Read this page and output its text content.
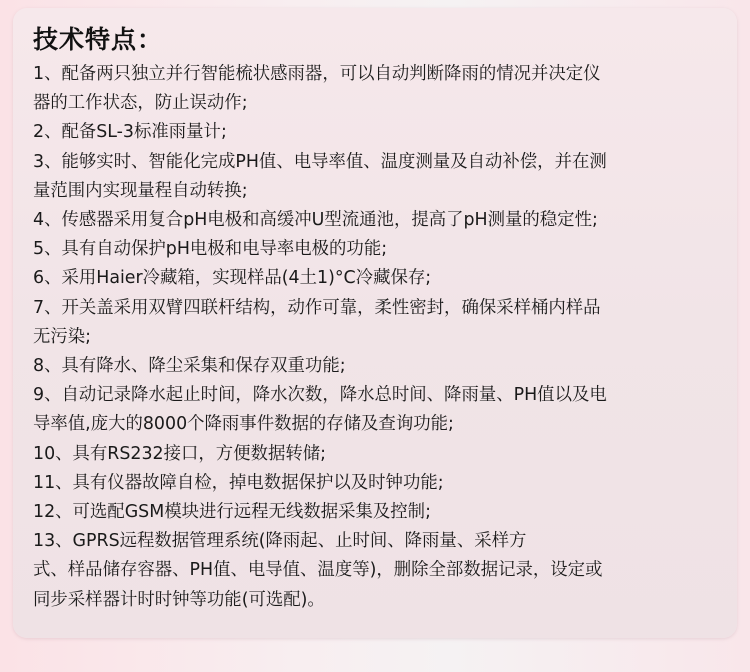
技术特点：

1、配备两只独立并行智能梳状感雨器，可以自动判断降雨的情况并决定仪

器的工作状态，防止误动作;

2、配备SL-3标准雨量计;

3、能够实时、智能化完成PH值、电导率值、温度测量及自动补偿，并在测

量范围内实现量程自动转换;

4、传感器采用复合pH电极和高缓冲U型流通池，提高了pH测量的稳定性;

5、具有自动保护pH电极和电导率电极的功能;

6、采用Haier冷藏箱，实现样品(4土1)°C冷藏保存;

7、开关盖采用双臂四联杆结构，动作可靠，柔性密封，确保采样桶内样品

无污染;

8、具有降水、降尘采集和保存双重功能;

9、自动记录降水起止时间，降水次数，降水总时间、降雨量、PH值以及电

导率值,庞大的8000个降雨事件数据的存储及查询功能;

10、具有RS232接口，方便数据转储;

11、具有仪器故障自检，掉电数据保护以及时钟功能;

12、可选配GSM模块进行远程无线数据采集及控制;

13、GPRS远程数据管理系统(降雨起、止时间、降雨量、采样方

式、样品储存容器、PH值、电导值、温度等)，删除全部数据记录，设定或

同步采样器计时时钟等功能(可选配)。
